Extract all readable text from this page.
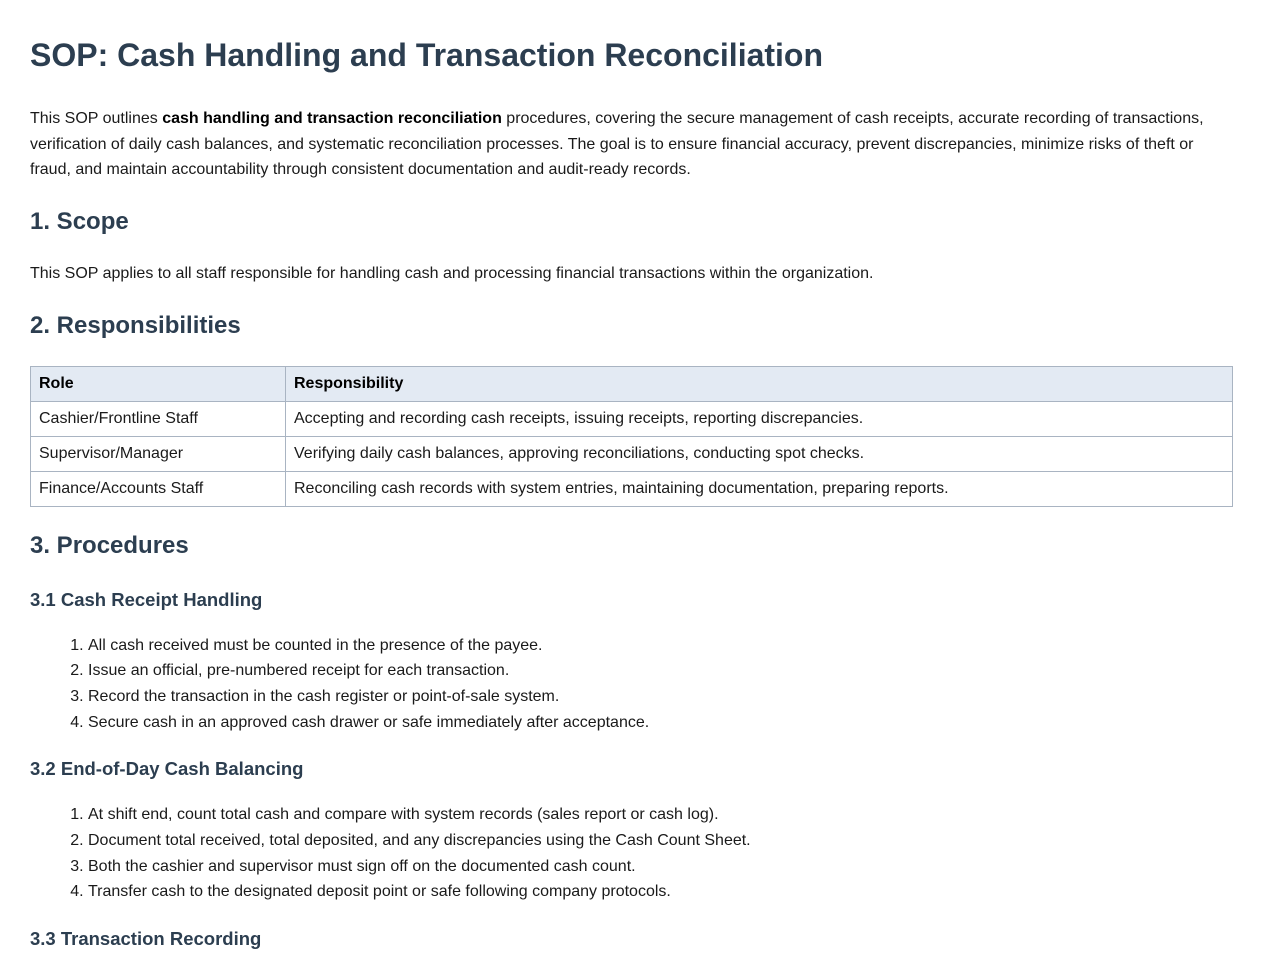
SOP: Cash Handling and Transaction Reconciliation

This SOP outlines cash handling and transaction reconciliation procedures, covering the secure management of cash receipts, accurate recording of transactions, verification of daily cash balances, and systematic reconciliation processes. The goal is to ensure financial accuracy, prevent discrepancies, minimize risks of theft or fraud, and maintain accountability through consistent documentation and audit-ready records.

1. Scope

This SOP applies to all staff responsible for handling cash and processing financial transactions within the organization.

2. Responsibilities
Role	Responsibility
Cashier/Frontline Staff	Accepting and recording cash receipts, issuing receipts, reporting discrepancies.
Supervisor/Manager	Verifying daily cash balances, approving reconciliations, conducting spot checks.
Finance/Accounts Staff	Reconciling cash records with system entries, maintaining documentation, preparing reports.
3. Procedures
3.1 Cash Receipt Handling
1. All cash received must be counted in the presence of the payee.
2. Issue an official, pre-numbered receipt for each transaction.
3. Record the transaction in the cash register or point-of-sale system.
4. Secure cash in an approved cash drawer or safe immediately after acceptance.
3.2 End-of-Day Cash Balancing
1. At shift end, count total cash and compare with system records (sales report or cash log).
2. Document total received, total deposited, and any discrepancies using the Cash Count Sheet.
3. Both the cashier and supervisor must sign off on the documented cash count.
4. Transfer cash to the designated deposit point or safe following company protocols.
3.3 Transaction Recording
